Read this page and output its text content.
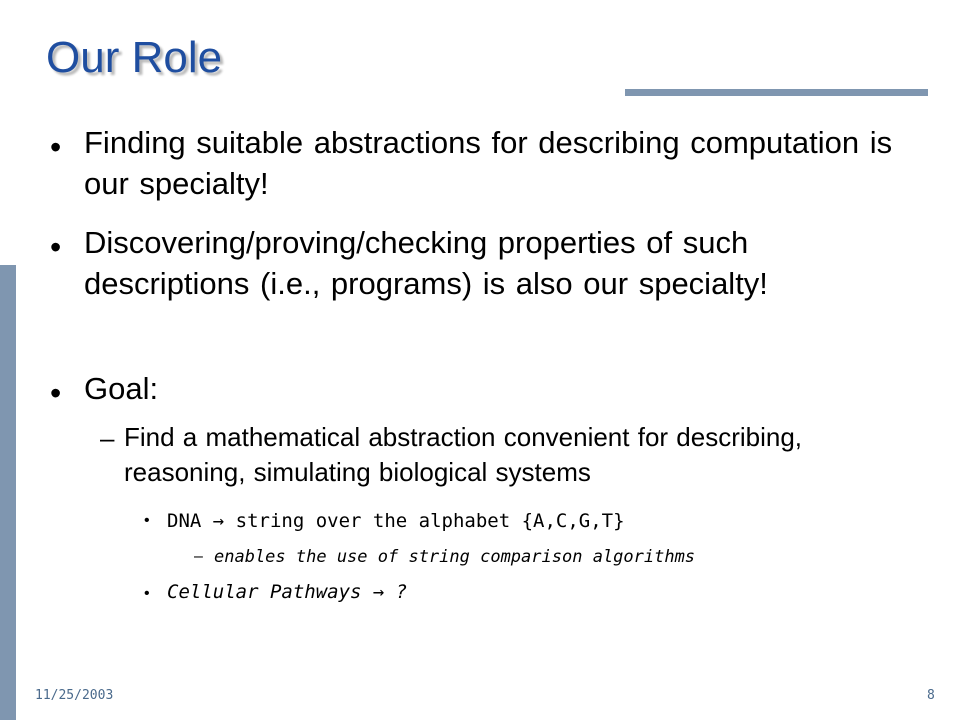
Our Role
• Finding suitable abstractions for describing computation is our specialty!
• Discovering/proving/checking properties of such descriptions (i.e., programs) is also our specialty!
• Goal:
– Find a mathematical abstraction convenient for describing, reasoning, simulating biological systems
• DNA → string over the alphabet {A,C,G,T}
– enables the use of string comparison algorithms
• Cellular Pathways → ?
11/25/2003	8
